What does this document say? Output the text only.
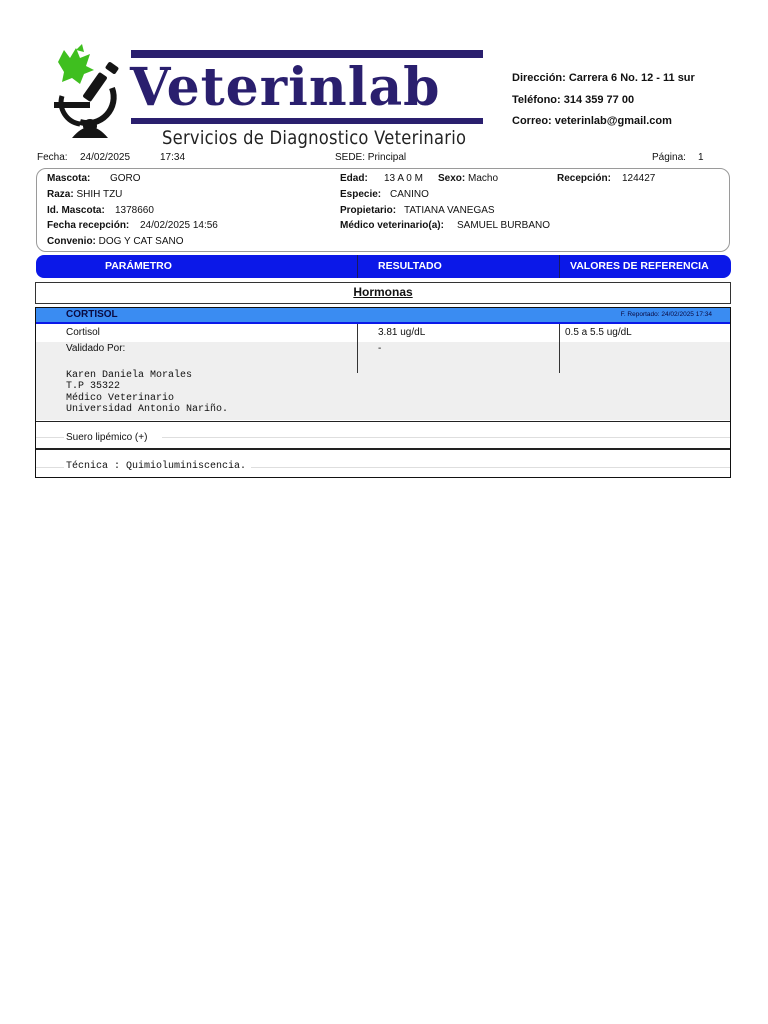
Veterinlab
Servicios de Diagnostico Veterinario
Dirección: Carrera 6 No. 12 - 11 sur
Teléfono: 314 359 77 00
Correo: veterinlab@gmail.com
Fecha: 24/02/2025	17:34	SEDE: Principal	Página: 1
Mascota: GORO
Raza: SHIH TZU
Id. Mascota: 1378660
Fecha recepción: 24/02/2025 14:56
Convenio: DOG Y CAT SANO
Edad: 13 A 0 M Sexo: Macho	Recepción: 124427
Especie: CANINO
Propietario: TATIANA VANEGAS
Médico veterinario(a): SAMUEL BURBANO
PARÁMETRO	RESULTADO	VALORES DE REFERENCIA
Hormonas
CORTISOL	F. Reportado: 24/02/2025 17:34
Cortisol	3.81 ug/dL	0.5 a 5.5 ug/dL
Validado Por:	-
Karen Daniela Morales
T.P 35322
Médico Veterinario
Universidad Antonio Nariño.
Suero lipémico (+)
Técnica : Quimioluminiscencia.
